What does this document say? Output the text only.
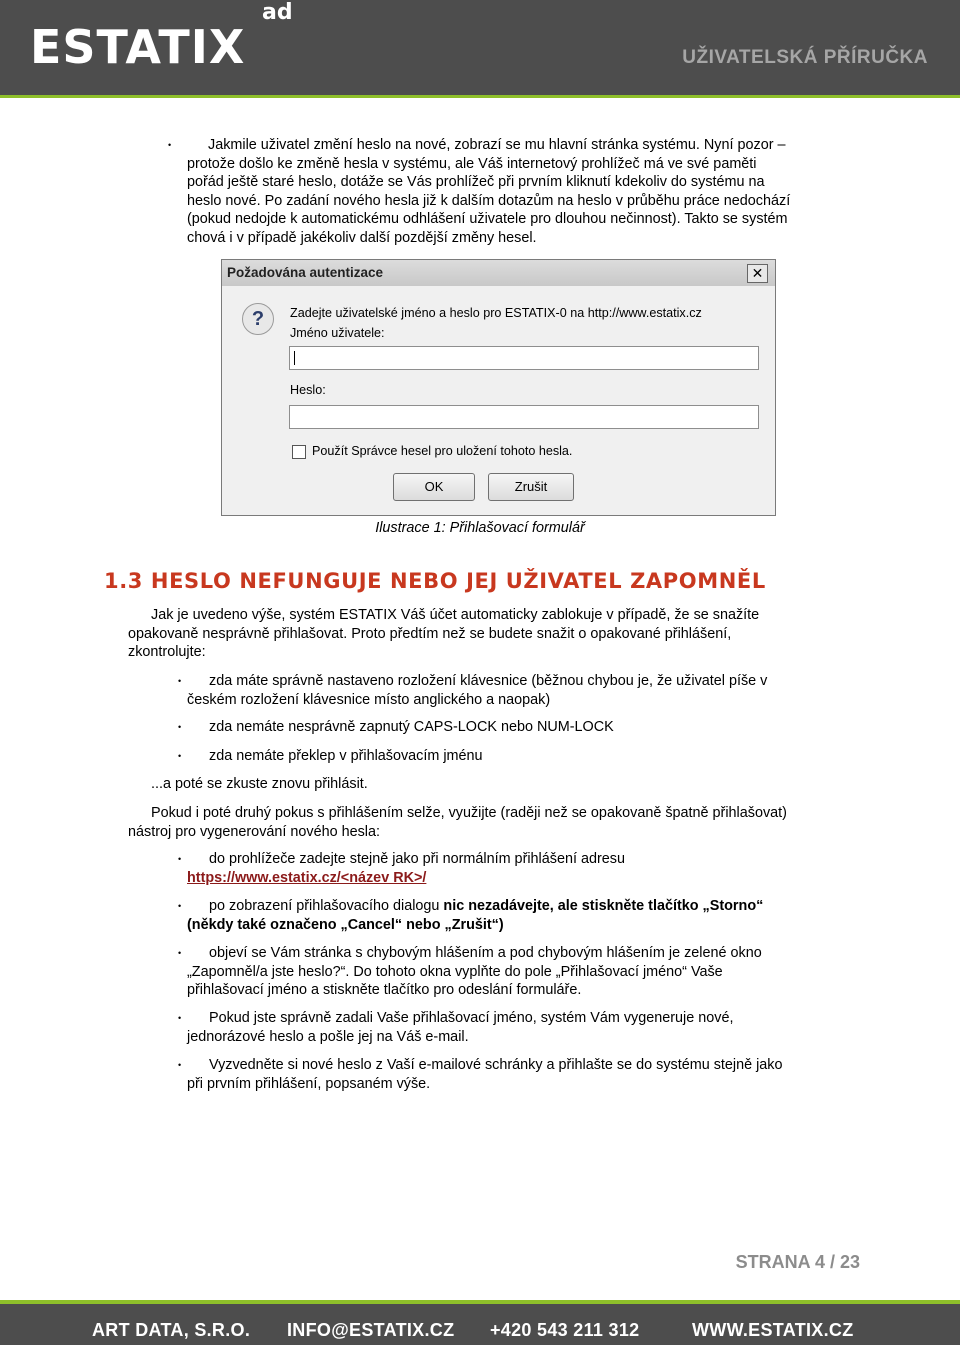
ESTATIX
ad
UŽIVATELSKÁ PŘÍRUČKA
•	Jakmile uživatel změní heslo na nové, zobrazí se mu hlavní stránka systému. Nyní pozor –
protože došlo ke změně hesla v systému, ale Váš internetový prohlížeč má ve své paměti
pořád ještě staré heslo, dotáže se Vás prohlížeč při prvním kliknutí kdekoliv do systému na
heslo nové. Po zadání nového hesla již k dalším dotazům na heslo v průběhu práce nedochází
(pokud nedojde k automatickému odhlášení uživatele pro dlouhou nečinnost). Takto se systém
chová i v případě jakékoliv další pozdější změny hesel.
Požadována autentizace	✕
?	Zadejte uživatelské jméno a heslo pro ESTATIX-0 na http://www.estatix.cz
Jméno uživatele:
Heslo:
Použít Správce hesel pro uložení tohoto hesla.
OK	Zrušit
Ilustrace 1: Přihlašovací formulář
1.3 HESLO NEFUNGUJE NEBO JEJ UŽIVATEL ZAPOMNĚL
Jak je uvedeno výše, systém ESTATIX Váš účet automaticky zablokuje v případě, že se snažíte
opakovaně nesprávně přihlašovat. Proto předtím než se budete snažit o opakované přihlášení,
zkontrolujte:
•	zda máte správně nastaveno rozložení klávesnice (běžnou chybou je, že uživatel píše v
českém rozložení klávesnice místo anglického a naopak)
• zda nemáte nesprávně zapnutý CAPS-LOCK nebo NUM-LOCK
• zda nemáte překlep v přihlašovacím jménu
...a poté se zkuste znovu přihlásit.
Pokud i poté druhý pokus s přihlášením selže, využijte (raději než se opakovaně špatně přihlašovat)
nástroj pro vygenerování nového hesla:
•	do prohlížeče zadejte stejně jako při normálním přihlášení adresu
https://www.estatix.cz/<název RK>/
•	po zobrazení přihlašovacího dialogu nic nezadávejte, ale stiskněte tlačítko „Storno“
(někdy také označeno „Cancel“ nebo „Zrušit“)
•	objeví se Vám stránka s chybovým hlášením a pod chybovým hlášením je zelené okno
„Zapomněl/a jste heslo?“. Do tohoto okna vyplňte do pole „Přihlašovací jméno“ Vaše
přihlašovací jméno a stiskněte tlačítko pro odeslání formuláře.
•	Pokud jste správně zadali Vaše přihlašovací jméno, systém Vám vygeneruje nové,
jednorázové heslo a pošle jej na Váš e-mail.
•	Vyzvedněte si nové heslo z Vaší e-mailové schránky a přihlašte se do systému stejně jako
při prvním přihlášení, popsaném výše.
STRANA 4 / 23
ART DATA, S.R.O. INFO@ESTATIX.CZ +420 543 211 312	WWW.ESTATIX.CZ
